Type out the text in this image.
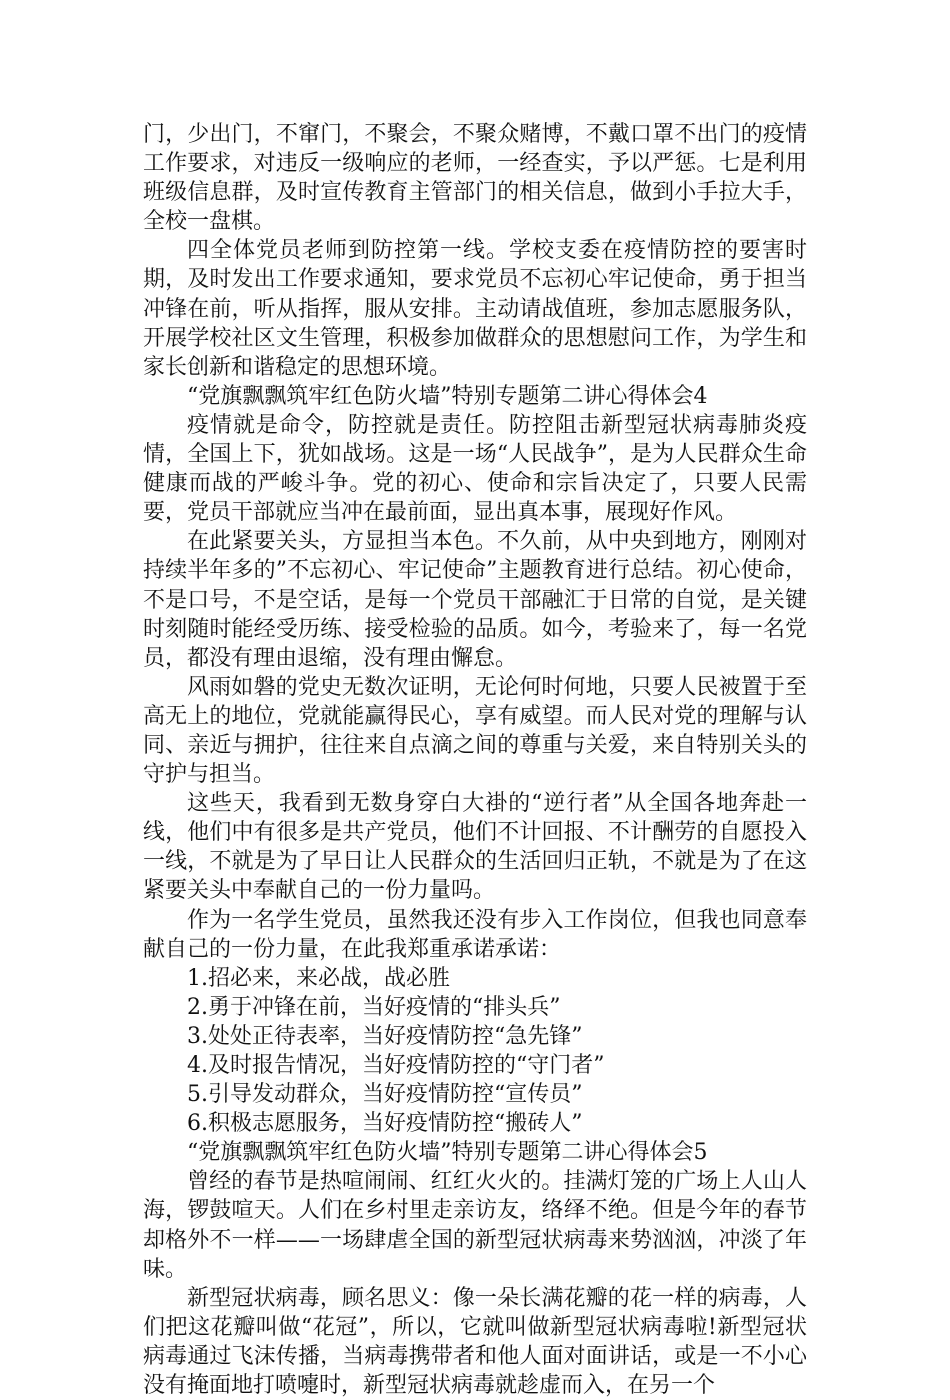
门，少出门，不窜门，不聚会，不聚众赌博，不戴口罩不出门的疫情工作要求，对违反一级响应的老师，一经查实，予以严惩。七是利用班级信息群，及时宣传教育主管部门的相关信息，做到小手拉大手，全校一盘棋。

四全体党员老师到防控第一线。学校支委在疫情防控的要害时期，及时发出工作要求通知，要求党员不忘初心牢记使命，勇于担当冲锋在前，听从指挥，服从安排。主动请战值班，参加志愿服务队，开展学校社区文生管理，积极参加做群众的思想慰问工作，为学生和家长创新和谐稳定的思想环境。

“党旗飘飘筑牢红色防火墙”特别专题第二讲心得体会4

疫情就是命令，防控就是责任。防控阻击新型冠状病毒肺炎疫情，全国上下，犹如战场。这是一场“人民战争”，是为人民群众生命健康而战的严峻斗争。党的初心、使命和宗旨决定了，只要人民需要，党员干部就应当冲在最前面，显出真本事，展现好作风。

在此紧要关头，方显担当本色。不久前，从中央到地方，刚刚对持续半年多的”不忘初心、牢记使命”主题教育进行总结。初心使命，不是口号，不是空话，是每一个党员干部融汇于日常的自觉，是关键时刻随时能经受历练、接受检验的品质。如今，考验来了，每一名党员，都没有理由退缩，没有理由懈怠。

风雨如磐的党史无数次证明，无论何时何地，只要人民被置于至高无上的地位，党就能赢得民心，享有威望。而人民对党的理解与认同、亲近与拥护，往往来自点滴之间的尊重与关爱，来自特别关头的守护与担当。

这些天，我看到无数身穿白大褂的“逆行者”从全国各地奔赴一线，他们中有很多是共产党员，他们不计回报、不计酬劳的自愿投入一线，不就是为了早日让人民群众的生活回归正轨，不就是为了在这紧要关头中奉献自己的一份力量吗。

作为一名学生党员，虽然我还没有步入工作岗位，但我也同意奉献自己的一份力量，在此我郑重承诺承诺：

1.招必来，来必战，战必胜

2.勇于冲锋在前，当好疫情的“排头兵”

3.处处正待表率，当好疫情防控“急先锋”

4.及时报告情况，当好疫情防控的“守门者”

5.引导发动群众，当好疫情防控“宣传员”

6.积极志愿服务，当好疫情防控“搬砖人”

“党旗飘飘筑牢红色防火墙”特别专题第二讲心得体会5

曾经的春节是热喧闹闹、红红火火的。挂满灯笼的广场上人山人海，锣鼓喧天。人们在乡村里走亲访友，络绎不绝。但是今年的春节却格外不一样——一场肆虐全国的新型冠状病毒来势汹汹，冲淡了年味。

新型冠状病毒，顾名思义：像一朵长满花瓣的花一样的病毒，人们把这花瓣叫做“花冠”，所以，它就叫做新型冠状病毒啦!新型冠状病毒通过飞沫传播，当病毒携带者和他人面对面讲话，或是一不小心没有掩面地打喷嚏时，新型冠状病毒就趁虚而入，在另一个
